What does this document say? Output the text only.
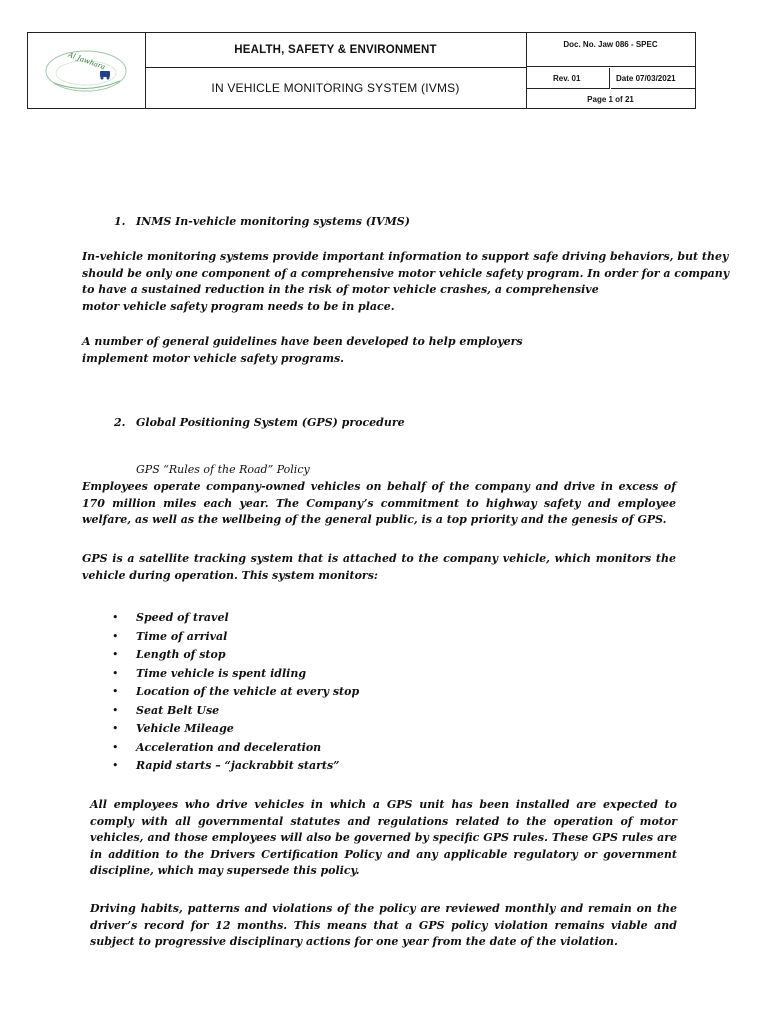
Al Jawhara
HEALTH, SAFETY & ENVIRONMENT
IN VEHICLE MONITORING SYSTEM (IVMS)
Doc. No. Jaw 086 - SPEC
Rev. 01	Date 07/03/2021
Page 1 of 21
1. INMS In-vehicle monitoring systems (IVMS)
In-vehicle monitoring systems provide important information to support safe driving behaviors, but they
should be only one component of a comprehensive motor vehicle safety program. In order for a company
to have a sustained reduction in the risk of motor vehicle crashes, a comprehensive
motor vehicle safety program needs to be in place.
A number of general guidelines have been developed to help employers
implement motor vehicle safety programs.
2. Global Positioning System (GPS) procedure
GPS “Rules of the Road” Policy
Employees operate company-owned vehicles on behalf of the company and drive in excess of 170 million miles each year. The Company’s commitment to highway safety and employee welfare, as well as the wellbeing of the general public, is a top priority and the genesis of GPS.
GPS is a satellite tracking system that is attached to the company vehicle, which monitors the vehicle during operation. This system monitors:
• Speed of travel
• Time of arrival
• Length of stop
• Time vehicle is spent idling
• Location of the vehicle at every stop
• Seat Belt Use
• Vehicle Mileage
• Acceleration and deceleration
• Rapid starts – “jackrabbit starts”
All employees who drive vehicles in which a GPS unit has been installed are expected to comply with all governmental statutes and regulations related to the operation of motor vehicles, and those employees will also be governed by specific GPS rules. These GPS rules are in addition to the Drivers Certification Policy and any applicable regulatory or government discipline, which may supersede this policy.
Driving habits, patterns and violations of the policy are reviewed monthly and remain on the driver’s record for 12 months. This means that a GPS policy violation remains viable and subject to progressive disciplinary actions for one year from the date of the violation.
